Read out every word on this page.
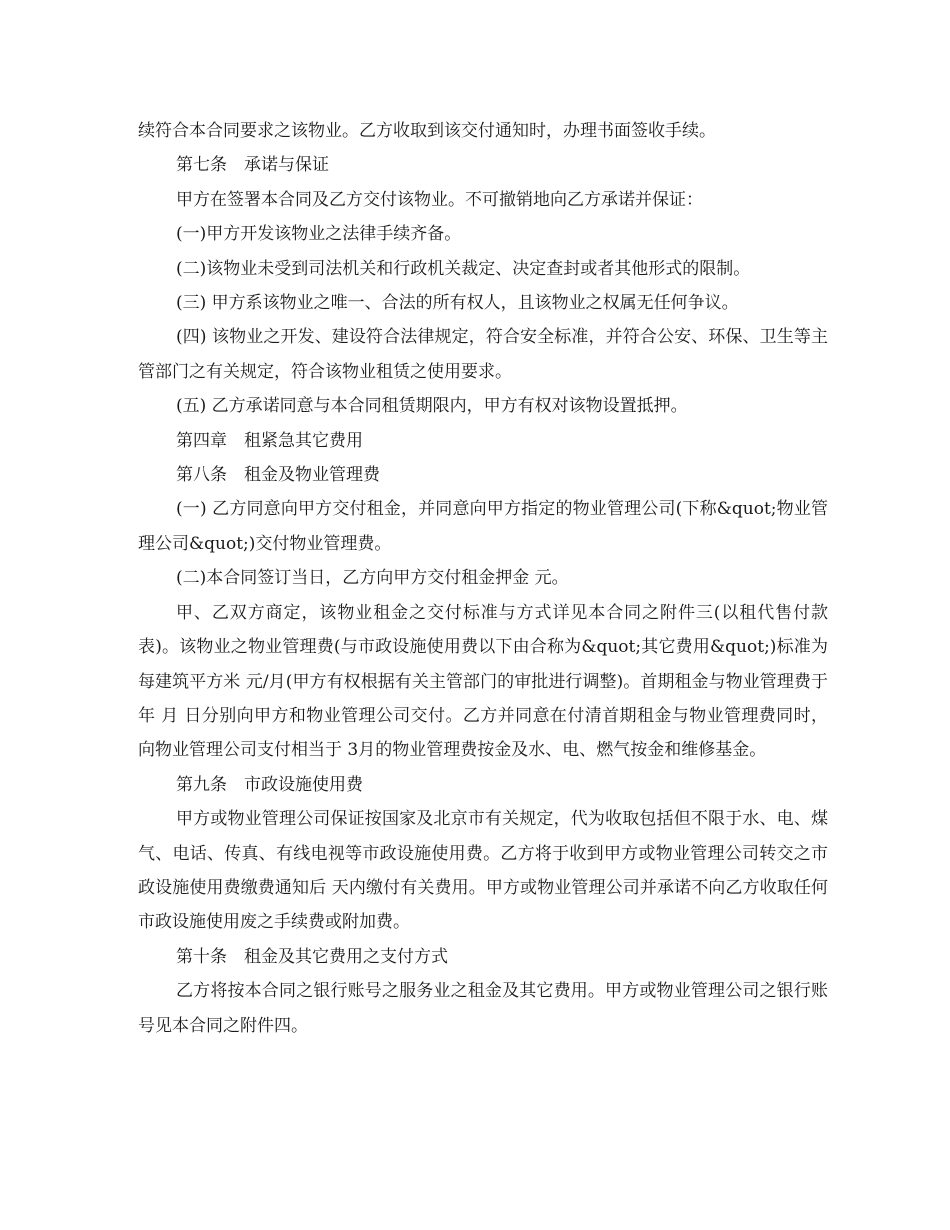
续符合本合同要求之该物业。乙方收取到该交付通知时，办理书面签收手续。

第七条　承诺与保证

甲方在签署本合同及乙方交付该物业。不可撤销地向乙方承诺并保证：

(一)甲方开发该物业之法律手续齐备。

(二)该物业未受到司法机关和行政机关裁定、决定查封或者其他形式的限制。

(三) 甲方系该物业之唯一、合法的所有权人，且该物业之权属无任何争议。

(四) 该物业之开发、建设符合法律规定，符合安全标准，并符合公安、环保、卫生等主管部门之有关规定，符合该物业租赁之使用要求。

(五) 乙方承诺同意与本合同租赁期限内，甲方有权对该物设置抵押。

第四章　租紧急其它费用

第八条　租金及物业管理费

(一) 乙方同意向甲方交付租金，并同意向甲方指定的物业管理公司(下称&quot;物业管理公司&quot;)交付物业管理费。

(二)本合同签订当日，乙方向甲方交付租金押金 元。

甲、乙双方商定，该物业租金之交付标准与方式详见本合同之附件三(以租代售付款表)。该物业之物业管理费(与市政设施使用费以下由合称为&quot;其它费用&quot;)标准为每建筑平方米 元/月(甲方有权根据有关主管部门的审批进行调整)。首期租金与物业管理费于 年 月 日分别向甲方和物业管理公司交付。乙方并同意在付清首期租金与物业管理费同时，向物业管理公司支付相当于 3月的物业管理费按金及水、电、燃气按金和维修基金。

第九条　市政设施使用费

甲方或物业管理公司保证按国家及北京市有关规定，代为收取包括但不限于水、电、煤气、电话、传真、有线电视等市政设施使用费。乙方将于收到甲方或物业管理公司转交之市政设施使用费缴费通知后 天内缴付有关费用。甲方或物业管理公司并承诺不向乙方收取任何市政设施使用废之手续费或附加费。

第十条　租金及其它费用之支付方式

乙方将按本合同之银行账号之服务业之租金及其它费用。甲方或物业管理公司之银行账号见本合同之附件四。
